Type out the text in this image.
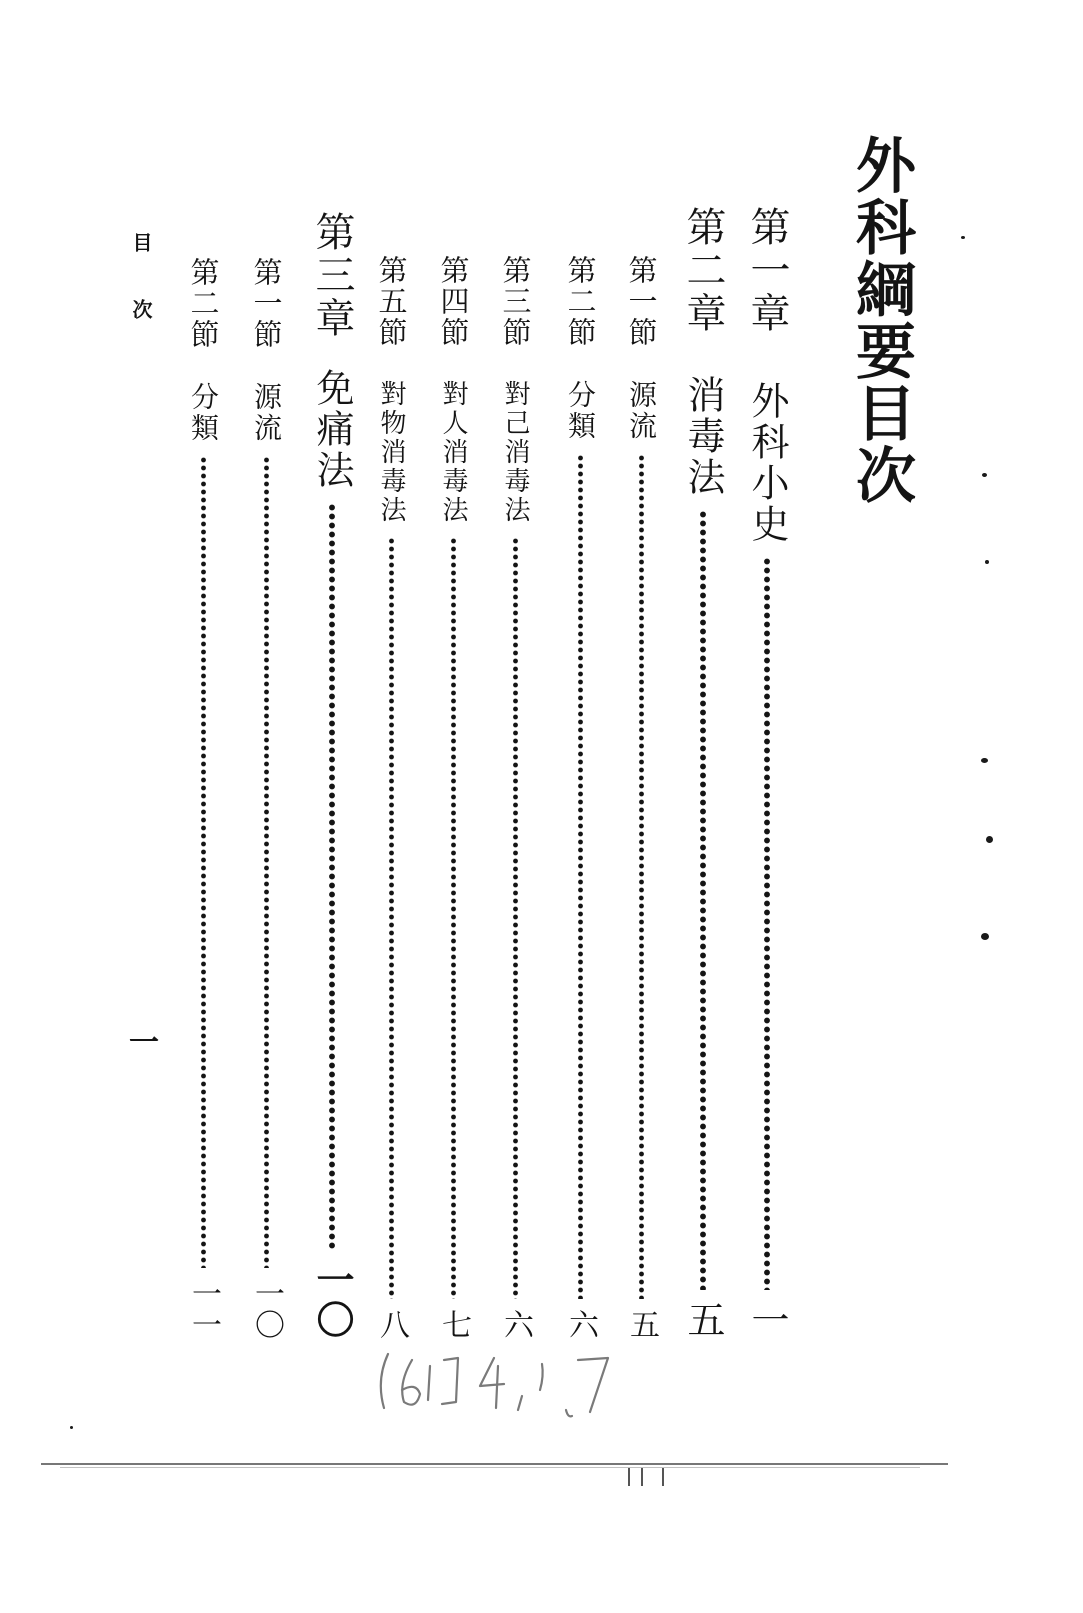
外科綱要目次
第一章
外科小史
一
第二章
消毒法
五
第一節
源流
五
第二節
分類
六
第三節
對己消毒法
六
第四節
對人消毒法
七
第五節
對物消毒法
八
第三章
免痛法
一〇
第一節
源流
一〇
第二節
分類
一一
目次
一
